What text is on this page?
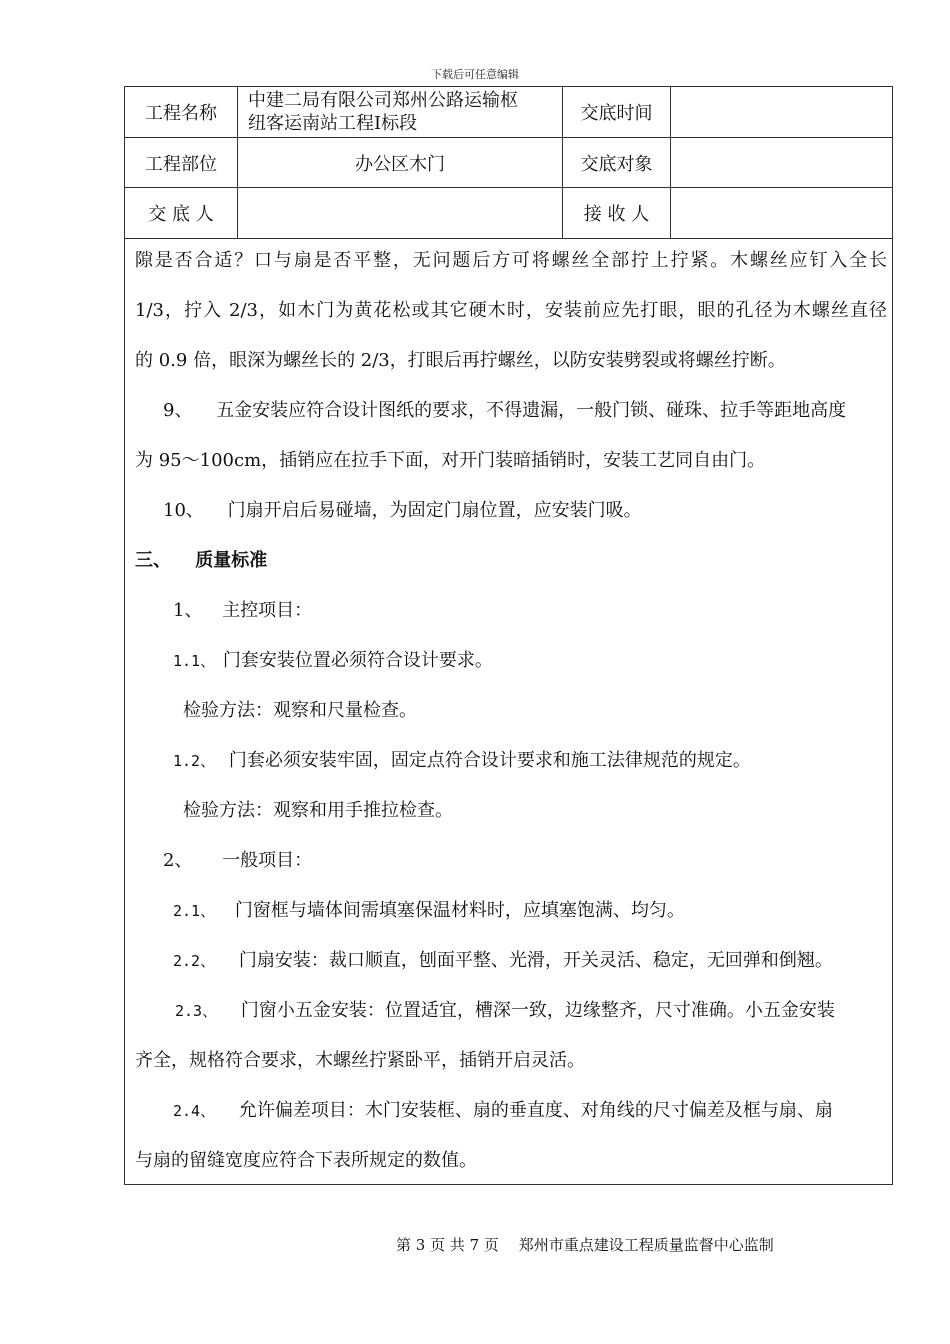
下载后可任意编辑
工程名称	中建二局有限公司郑州公路运输枢
纽客运南站工程Ⅰ标段	交底时间	
工程部位	办公区木门	交底对象	
交 底 人		接 收 人	
隙是否合适？口与扇是否平整，无问题后方可将螺丝全部拧上拧紧。木螺丝应钉入全长
1/3，拧入 2/3，如木门为黄花松或其它硬木时，安装前应先打眼，眼的孔径为木螺丝直径
的 0.9 倍，眼深为螺丝长的 2/3，打眼后再拧螺丝，以防安装劈裂或将螺丝拧断。
9、 五金安装应符合设计图纸的要求，不得遗漏，一般门锁、碰珠、拉手等距地高度
为 95～100cm，插销应在拉手下面，对开门装暗插销时，安装工艺同自由门。
10、 门扇开启后易碰墙，为固定门扇位置，应安装门吸。
三、 质量标准
1、 主控项目：
1.1、 门套安装位置必须符合设计要求。
检验方法：观察和尺量检查。
1.2、 门套必须安装牢固，固定点符合设计要求和施工法律规范的规定。
检验方法：观察和用手推拉检查。
2、 一般项目：
2.1、 门窗框与墙体间需填塞保温材料时，应填塞饱满、均匀。
2.2、 门扇安装：裁口顺直，刨面平整、光滑，开关灵活、稳定，无回弹和倒翘。
2.3、 门窗小五金安装：位置适宜，槽深一致，边缘整齐，尺寸准确。小五金安装
齐全，规格符合要求，木螺丝拧紧卧平，插销开启灵活。
2.4、 允许偏差项目：木门安装框、扇的垂直度、对角线的尺寸偏差及框与扇、扇
与扇的留缝宽度应符合下表所规定的数值。
第 3 页 共 7 页　 郑州市重点建设工程质量监督中心监制
